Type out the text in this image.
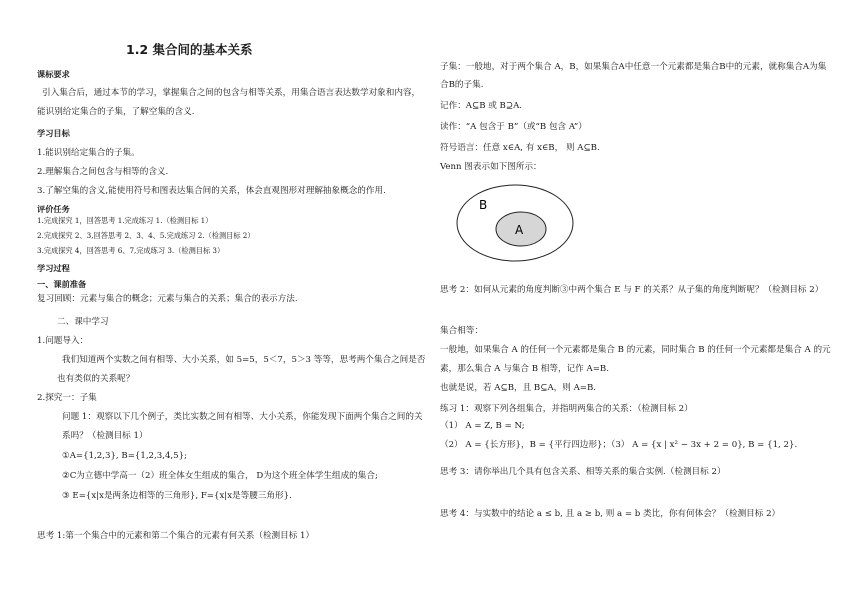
1.2 集合间的基本关系
课标要求
引入集合后，通过本节的学习，掌握集合之间的包含与相等关系，用集合语言表达数学对象和内容，
能识别给定集合的子集，了解空集的含义.
学习目标
1.能识别给定集合的子集。
2.理解集合之间包含与相等的含义.
3.了解空集的含义,能使用符号和图表达集合间的关系，体会直观图形对理解抽象概念的作用.
评价任务
1.完成探究 1，回答思考 1.完成练习 1.（检测目标 1）
2.完成探究 2、3,回答思考 2、3、4、5.完成练习 2.（检测目标 2）
3.完成探究 4，回答思考 6、7,完成练习 3.（检测目标 3）
学习过程
一、课前准备
复习回顾：元素与集合的概念；元素与集合的关系；集合的表示方法.
二、课中学习
1.问题导入：
我们知道两个实数之间有相等、大小关系，如 5=5，5＜7，5＞3 等等，思考两个集合之间是否
也有类似的关系呢？
2.探究一：子集
问题 1：观察以下几个例子，类比实数之间有相等、大小关系，你能发现下面两个集合之间的关
系吗？（检测目标 1）
①A={1,2,3}, B={1,2,3,4,5};
②C为立德中学高一（2）班全体女生组成的集合， D为这个班全体学生组成的集合;
③ E={x|x是两条边相等的三角形}, F={x|x是等腰三角形}.
思考 1:第一个集合中的元素和第二个集合的元素有何关系（检测目标 1）
子集：一般地，对于两个集合 A，B，如果集合A中任意一个元素都是集合B中的元素，就称集合A为集
合B的子集.
记作：A⊆B 或 B⊇A.
读作：“A 包含于 B”（或“B 包含 A”）
符号语言：任意 x∈A, 有 x∈B， 则 A⊆B.
Venn 图表示如下图所示：
B
A
思考 2：如何从元素的角度判断③中两个集合 E 与 F 的关系？从子集的角度判断呢？（检测目标 2）
集合相等：
一般地，如果集合 A 的任何一个元素都是集合 B 的元素，同时集合 B 的任何一个元素都是集合 A 的元
素，那么集合 A 与集合 B 相等，记作 A=B.
也就是说，若 A⊆B，且 B⊆A，则 A=B.
练习 1：观察下列各组集合，并指明两集合的关系：（检测目标 2）
（1） A = Z, B = N;
（2） A = {长方形}，B = {平行四边形}；（3） A = {x | x² − 3x + 2 = 0}, B = {1, 2}.
思考 3：请你举出几个具有包含关系、相等关系的集合实例.（检测目标 2）
思考 4：与实数中的结论 a ≤ b, 且 a ≥ b, 则 a = b 类比，你有何体会？（检测目标 2）
